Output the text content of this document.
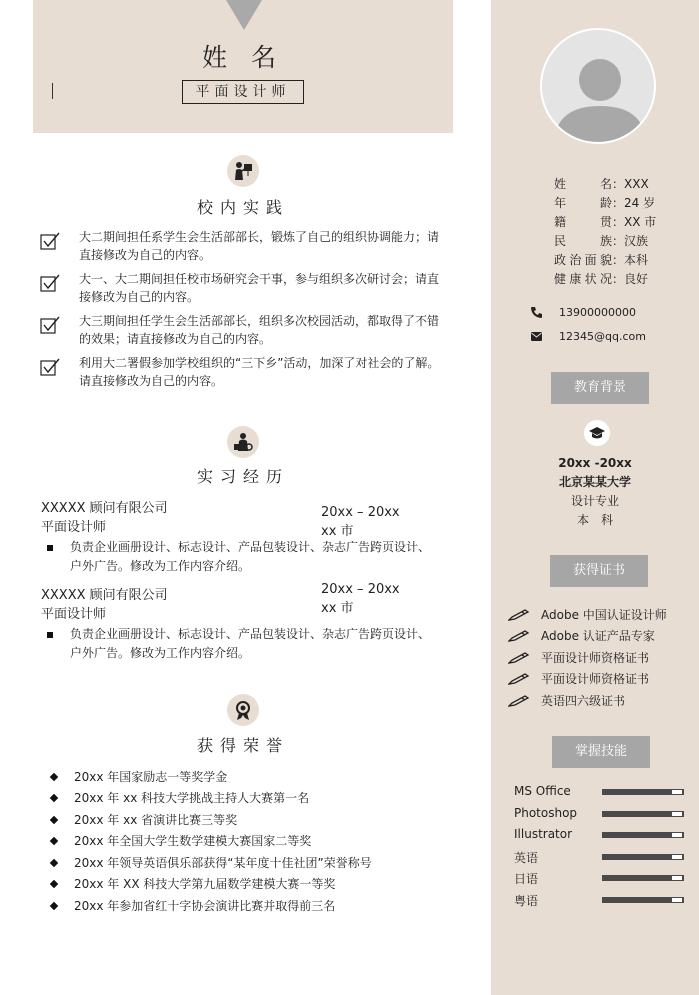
姓 名
平面设计师
校内实践
大二期间担任系学生会生活部部长，锻炼了自己的组织协调能力；请直接修改为自己的内容。
大一、大二期间担任校市场研究会干事，参与组织多次研讨会；请直接修改为自己的内容。
大三期间担任学生会生活部部长，组织多次校园活动，都取得了不错的效果；请直接修改为自己的内容。
利用大二署假参加学校组织的“三下乡”活动，加深了对社会的了解。请直接修改为自己的内容。
实习经历
XXXXX 顾问有限公司	20xx – 20xx
平面设计师	xx 市
负责企业画册设计、标志设计、产品包装设计、杂志广告跨页设计、户外广告。修改为工作内容介绍。
XXXXX 顾问有限公司	20xx – 20xx
平面设计师	xx 市
负责企业画册设计、标志设计、产品包装设计、杂志广告跨页设计、户外广告。修改为工作内容介绍。
获得荣誉
20xx 年国家励志一等奖学金
20xx 年 xx 科技大学挑战主持人大赛第一名
20xx 年 xx 省演讲比赛三等奖
20xx 年全国大学生数学建模大赛国家二等奖
20xx 年领导英语俱乐部获得“某年度十佳社团”荣誉称号
20xx 年 XX 科技大学第九届数学建模大赛一等奖
20xx 年参加省红十字协会演讲比赛并取得前三名
姓名：XXX
年龄：24 岁
籍贯：XX 市
民族：汉族
政治面貌：本科
健康状况：良好
13900000000
12345@qq.com
教育背景
20xx -20xx
北京某某大学
设计专业
本　科
获得证书
Adobe 中国认证设计师
Adobe 认证产品专家
平面设计师资格证书
平面设计师资格证书
英语四六级证书
掌握技能
MS Office
Photoshop
Illustrator
英语
日语
粤语
